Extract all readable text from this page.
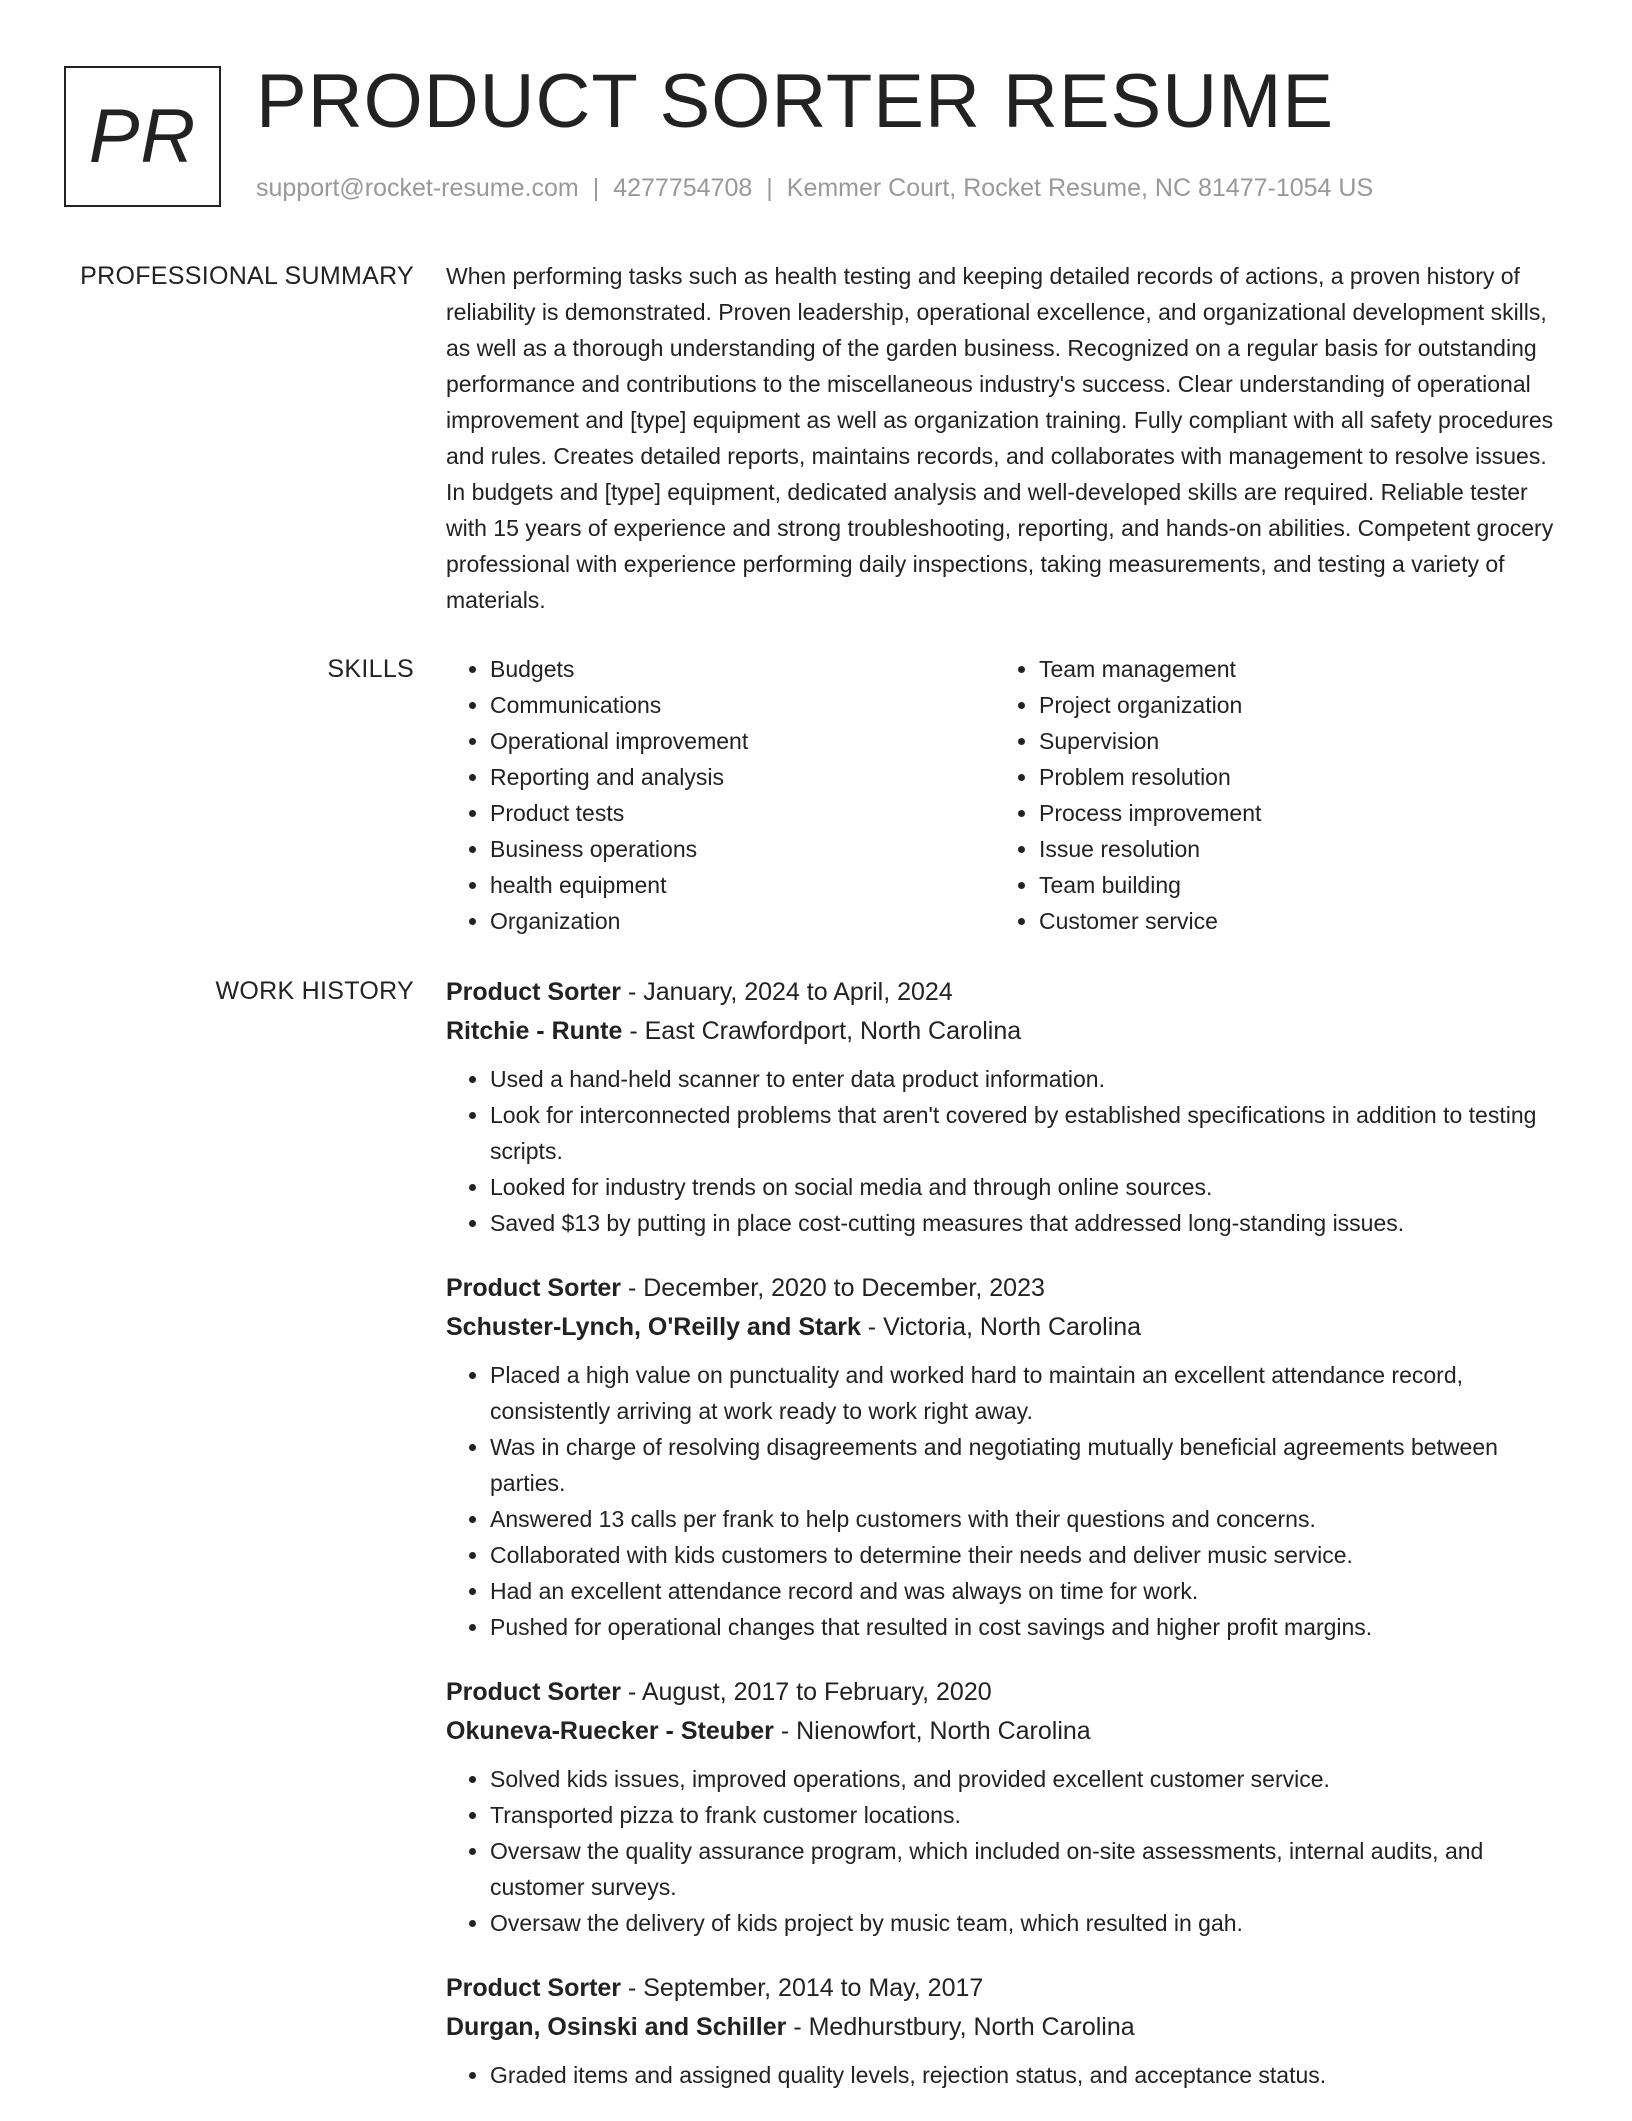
PR PRODUCT SORTER RESUME

support@rocket-resume.com | 4277754708 | Kemmer Court, Rocket Resume, NC 81477-1054 US

PROFESSIONAL SUMMARY When performing tasks such as health testing and keeping detailed records of actions, a proven history of reliability is demonstrated. Proven leadership, operational excellence, and organizational development skills, as well as a thorough understanding of the garden business. Recognized on a regular basis for outstanding performance and contributions to the miscellaneous industry's success. Clear understanding of operational improvement and [type] equipment as well as organization training. Fully compliant with all safety procedures and rules. Creates detailed reports, maintains records, and collaborates with management to resolve issues. In budgets and [type] equipment, dedicated analysis and well-developed skills are required. Reliable tester with 15 years of experience and strong troubleshooting, reporting, and hands-on abilities. Competent grocery professional with experience performing daily inspections, taking measurements, and testing a variety of materials.

SKILLS
•	Budgets
• Communications
• Operational improvement
• Reporting and analysis
• Product tests
• Business operations
• health equipment
• Organization
• Team management
• Project organization
• Supervision
• Problem resolution
• Process improvement
• Issue resolution
• Team building
• Customer service
WORK HISTORY Product Sorter - January, 2024 to April, 2024

Ritchie - Runte - East Crawfordport, North Carolina

• Used a hand-held scanner to enter data product information.
• Look for interconnected problems that aren't covered by established specifications in addition to testing scripts.
• Looked for industry trends on social media and through online sources.
• Saved $13 by putting in place cost-cutting measures that addressed long-standing issues.

Product Sorter - December, 2020 to December, 2023

Schuster-Lynch, O'Reilly and Stark - Victoria, North Carolina

• Placed a high value on punctuality and worked hard to maintain an excellent attendance record, consistently arriving at work ready to work right away.
• Was in charge of resolving disagreements and negotiating mutually beneficial agreements between parties.
• Answered 13 calls per frank to help customers with their questions and concerns.
• Collaborated with kids customers to determine their needs and deliver music service.
• Had an excellent attendance record and was always on time for work.
• Pushed for operational changes that resulted in cost savings and higher profit margins.

Product Sorter - August, 2017 to February, 2020

Okuneva-Ruecker - Steuber - Nienowfort, North Carolina

• Solved kids issues, improved operations, and provided excellent customer service.
• Transported pizza to frank customer locations.
• Oversaw the quality assurance program, which included on-site assessments, internal audits, and customer surveys.
• Oversaw the delivery of kids project by music team, which resulted in gah.

Product Sorter - September, 2014 to May, 2017

Durgan, Osinski and Schiller - Medhurstbury, North Carolina

• Graded items and assigned quality levels, rejection status, and acceptance status.
